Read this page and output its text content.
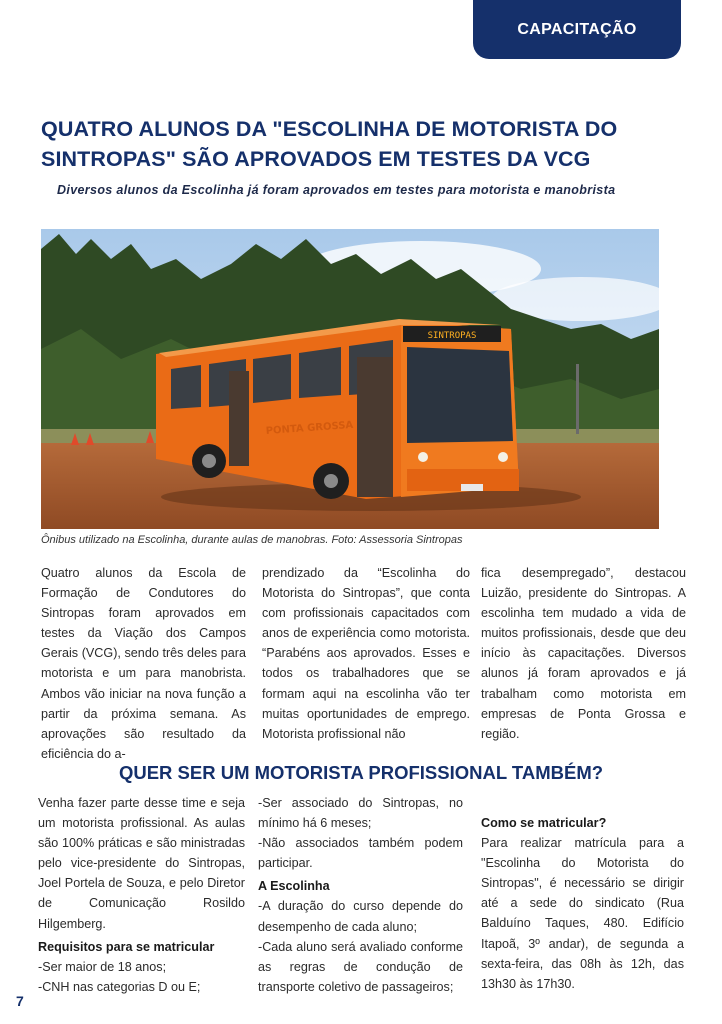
CAPACITAÇÃO
QUATRO ALUNOS DA "ESCOLINHA DE MOTORISTA DO SINTROPAS" SÃO APROVADOS EM TESTES DA VCG

Diversos alunos da Escolinha já foram aprovados em testes para motorista e manobrista

SINTROPAS
PONTA GROSSA

Ônibus utilizado na Escolinha, durante aulas de manobras. Foto: Assessoria Sintropas

Quatro alunos da Escola de Formação de Condutores do Sintropas foram aprovados em testes da Viação dos Campos Gerais (VCG), sendo três deles para motorista e um para manobrista. Ambos vão iniciar na nova função a partir da próxima semana. As aprovações são resultado da eficiência do a-

prendizado da “Escolinha do Motorista do Sintropas”, que conta com profissionais capacitados com anos de experiência como motorista. “Parabéns aos aprovados. Esses e todos os trabalhadores que se formam aqui na escolinha vão ter muitas oportunidades de emprego. Motorista profissional não

fica desempregado”, destacou Luizão, presidente do Sintropas. A escolinha tem mudado a vida de muitos profissionais, desde que deu início às capacitações. Diversos alunos já foram aprovados e já trabalham como motorista em empresas de Ponta Grossa e região.

QUER SER UM MOTORISTA PROFISSIONAL TAMBÉM?
Venha fazer parte desse time e seja um motorista profissional. As aulas são 100% práticas e são ministradas pelo vice-presidente do Sintropas, Joel Portela de Souza, e pelo Diretor de Comunicação Rosildo Hilgemberg.
Requisitos para se matricular
-Ser maior de 18 anos;
-CNH nas categorias D ou E;
-Ser associado do Sintropas, no mínimo há 6 meses;
-Não associados também podem participar.
A Escolinha
-A duração do curso depende do desempenho de cada aluno;
-Cada aluno será avaliado conforme as regras de condução de transporte coletivo de passageiros;
Como se matricular?
Para realizar matrícula para a "Escolinha do Motorista do Sintropas", é necessário se dirigir até a sede do sindicato (Rua Balduíno Taques, 480. Edifício Itapoã, 3º andar), de segunda a sexta-feira, das 08h às 12h, das 13h30 às 17h30.
7
